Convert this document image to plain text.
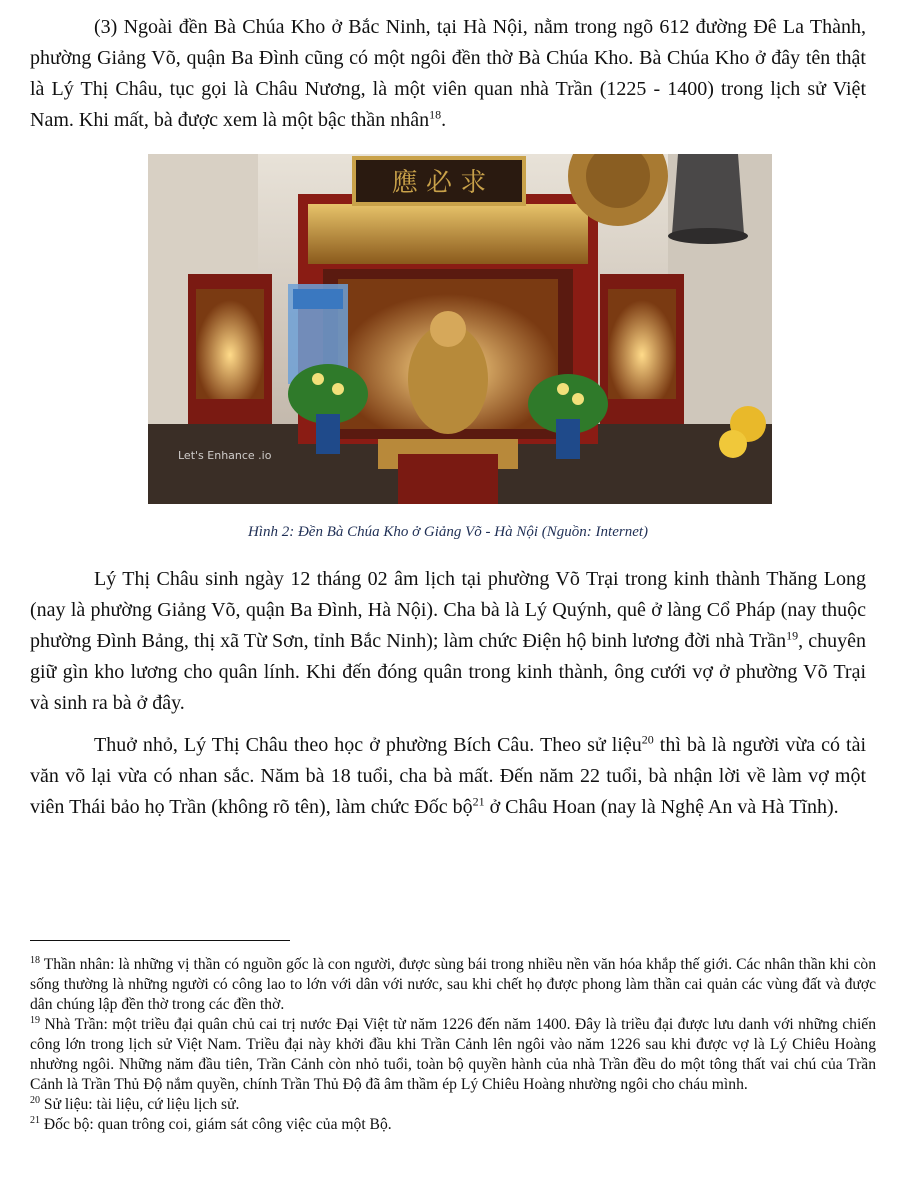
(3) Ngoài đền Bà Chúa Kho ở Bắc Ninh, tại Hà Nội, nằm trong ngõ 612 đường Đê La Thành, phường Giảng Võ, quận Ba Đình cũng có một ngôi đền thờ Bà Chúa Kho. Bà Chúa Kho ở đây tên thật là Lý Thị Châu, tục gọi là Châu Nương, là một viên quan nhà Trần (1225 - 1400) trong lịch sử Việt Nam. Khi mất, bà được xem là một bậc thần nhân$^{18}$.

應 必 求
Let's Enhance .io
Hình 2: Đền Bà Chúa Kho ở Giảng Võ - Hà Nội (Nguồn: Internet)

Lý Thị Châu sinh ngày 12 tháng 02 âm lịch tại phường Võ Trại trong kinh thành Thăng Long (nay là phường Giảng Võ, quận Ba Đình, Hà Nội). Cha bà là Lý Quýnh, quê ở làng Cổ Pháp (nay thuộc phường Đình Bảng, thị xã Từ Sơn, tỉnh Bắc Ninh); làm chức Điện hộ binh lương đời nhà Trần$^{19}$, chuyên giữ gìn kho lương cho quân lính. Khi đến đóng quân trong kinh thành, ông cưới vợ ở phường Võ Trại và sinh ra bà ở đây.

Thuở nhỏ, Lý Thị Châu theo học ở phường Bích Câu. Theo sử liệu$^{20}$ thì bà là người vừa có tài văn võ lại vừa có nhan sắc. Năm bà 18 tuổi, cha bà mất. Đến năm 22 tuổi, bà nhận lời về làm vợ một viên Thái bảo họ Trần (không rõ tên), làm chức Đốc bộ$^{21}$ ở Châu Hoan (nay là Nghệ An và Hà Tĩnh).

$^{18}$ Thần nhân: là những vị thần có nguồn gốc là con người, được sùng bái trong nhiều nền văn hóa khắp thế giới. Các nhân thần khi còn sống thường là những người có công lao to lớn với dân với nước, sau khi chết họ được phong làm thần cai quản các vùng đất và được dân chúng lập đền thờ trong các đền thờ.

$^{19}$ Nhà Trần: một triều đại quân chủ cai trị nước Đại Việt từ năm 1226 đến năm 1400. Đây là triều đại được lưu danh với những chiến công lớn trong lịch sử Việt Nam. Triều đại này khởi đầu khi Trần Cảnh lên ngôi vào năm 1226 sau khi được vợ là Lý Chiêu Hoàng nhường ngôi. Những năm đầu tiên, Trần Cảnh còn nhỏ tuổi, toàn bộ quyền hành của nhà Trần đều do một tông thất vai chú của Trần Cảnh là Trần Thủ Độ nắm quyền, chính Trần Thủ Độ đã âm thầm ép Lý Chiêu Hoàng nhường ngôi cho cháu mình.

$^{20}$ Sử liệu: tài liệu, cứ liệu lịch sử.

$^{21}$ Đốc bộ: quan trông coi, giám sát công việc của một Bộ.
